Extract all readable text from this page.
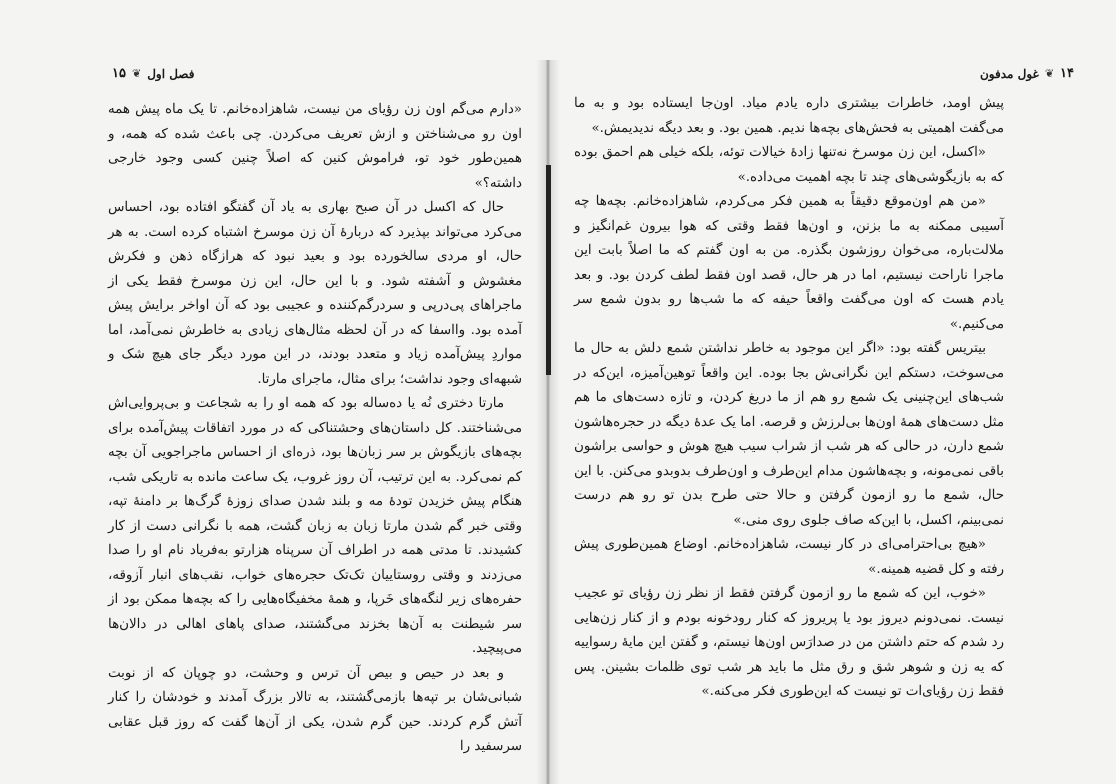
فصل اول
❦
۱۵

«دارم می‌گم اون زن رؤیای من نیست، شاهزاده‌خانم. تا یک ماه پیش همه اون رو می‌شناختن و ازش تعریف می‌کردن. چی باعث شده که همه، و همین‌طور خود تو، فراموش کنین که اصلاً چنین کسی وجود خارجی داشته؟»

حال که اکسل در آن صبح بهاری به یاد آن گفتگو افتاده بود، احساس می‌کرد می‌تواند بپذیرد که دربارهٔ آن زن موسرخ اشتباه کرده است. به هر حال، او مردی سالخورده بود و بعید نبود که هرازگاه ذهن و فکرش مغشوش و آشفته شود. و با این حال، این زن موسرخ فقط یکی از ماجراهای پی‌درپی و سردرگم‌کننده و عجیبی بود که آن اواخر برایش پیش آمده بود. وااسفا که در آن لحظه مثال‌های زیادی به خاطرش نمی‌آمد، اما مواردِ پیش‌آمده زیاد و متعدد بودند، در این مورد دیگر جای هیچ شک و شبهه‌ای وجود نداشت؛ برای مثال، ماجرای مارتا.

مارتا دختری نُه یا ده‌ساله بود که همه او را به شجاعت و بی‌پروایی‌اش می‌شناختند. کل داستان‌های وحشتناکی که در مورد اتفاقات پیش‌آمده برای بچه‌های بازیگوش بر سر زبان‌ها بود، ذره‌ای از احساس ماجراجویی آن بچه کم نمی‌کرد. به این ترتیب، آن روز غروب، یک ساعت مانده به تاریکی شب، هنگام پیش خزیدن تودهٔ مه و بلند شدن صدای زوزهٔ گرگ‌ها بر دامنهٔ تپه، وقتی خبر گم شدن مارتا زبان به زبان گشت، همه با نگرانی دست از کار کشیدند. تا مدتی همه در اطراف آن سرپناه هزارتو به‌فریاد نام او را صدا می‌زدند و وقتی روستاییان تک‌تک حجره‌های خواب، نقب‌های انبار آزوقه، حفره‌های زیر لنگه‌های خَرپا، و همهٔ مخفیگاه‌هایی را که بچه‌ها ممکن بود از سر شیطنت به آن‌ها بخزند می‌گشتند، صدای پاهای اهالی در دالان‌ها می‌پیچید.

و بعد در حیص و بیص آن ترس و وحشت، دو چوپان که از نوبت شبانی‌شان بر تپه‌ها بازمی‌گشتند، به تالار بزرگ آمدند و خودشان را کنار آتش گرم کردند. حین گرم شدن، یکی از آن‌ها گفت که روز قبل عقابی سرسفید را

۱۴
❦
غول مدفون

پیش اومد، خاطرات بیشتری داره یادم میاد. اون‌جا ایستاده بود و به ما می‌گفت اهمیتی به فحش‌های بچه‌ها ندیم. همین بود. و بعد دیگه ندیدیمش.»

«اکسل، این زن موسرخ نه‌تنها زادهٔ خیالات توئه، بلکه خیلی هم احمق بوده که به بازیگوشی‌های چند تا بچه اهمیت می‌داده.»

«من هم اون‌موقع دقیقاً به همین فکر می‌کردم، شاهزاده‌خانم. بچه‌ها چه آسیبی ممکنه به ما بزنن، و اون‌ها فقط وقتی که هوا بیرون غم‌انگیز و ملالت‌باره، می‌خوان روزشون بگذره. من به اون گفتم که ما اصلاً بابت این ماجرا ناراحت نیستیم، اما در هر حال، قصد اون فقط لطف کردن بود. و بعد یادم هست که اون می‌گفت واقعاً حیفه که ما شب‌ها رو بدون شمع سر می‌کنیم.»

بیتریس گفته بود: «اگر این موجود به خاطر نداشتن شمع دلش به حال ما می‌سوخت، دستکم این نگرانی‌ش بجا بوده. این واقعاً توهین‌آمیزه، این‌که در شب‌های این‌چنینی یک شمع رو هم از ما دریغ کردن، و تازه دست‌های ما هم مثل دست‌های همهٔ اون‌ها بی‌لرزش و قرصه. اما یک عدهٔ دیگه در حجره‌هاشون شمع دارن، در حالی که هر شب از شراب سیب هیچ هوش و حواسی براشون باقی نمی‌مونه، و بچه‌هاشون مدام این‌طرف و اون‌طرف بدوبدو می‌کنن. با این حال، شمع ما رو ازمون گرفتن و حالا حتی طرح بدن تو رو هم درست نمی‌بینم، اکسل، با این‌که صاف جلوی روی منی.»

«هیچ بی‌احترامی‌ای در کار نیست، شاهزاده‌خانم. اوضاع همین‌طوری پیش رفته و کل قضیه همینه.»

«خوب، این که شمع ما رو ازمون گرفتن فقط از نظر زن رؤیای تو عجیب نیست. نمی‌دونم دیروز بود یا پریروز که کنار رودخونه بودم و از کنار زن‌هایی رد شدم که حتم داشتن من در صدارَس اون‌ها نیستم، و گفتن این مایهٔ رسواییه که یه زن و شوهر شق و رق مثل ما باید هر شب توی ظلمات بشینن. پس فقط زن رؤیای‌ات تو نیست که این‌طوری فکر می‌کنه.»
